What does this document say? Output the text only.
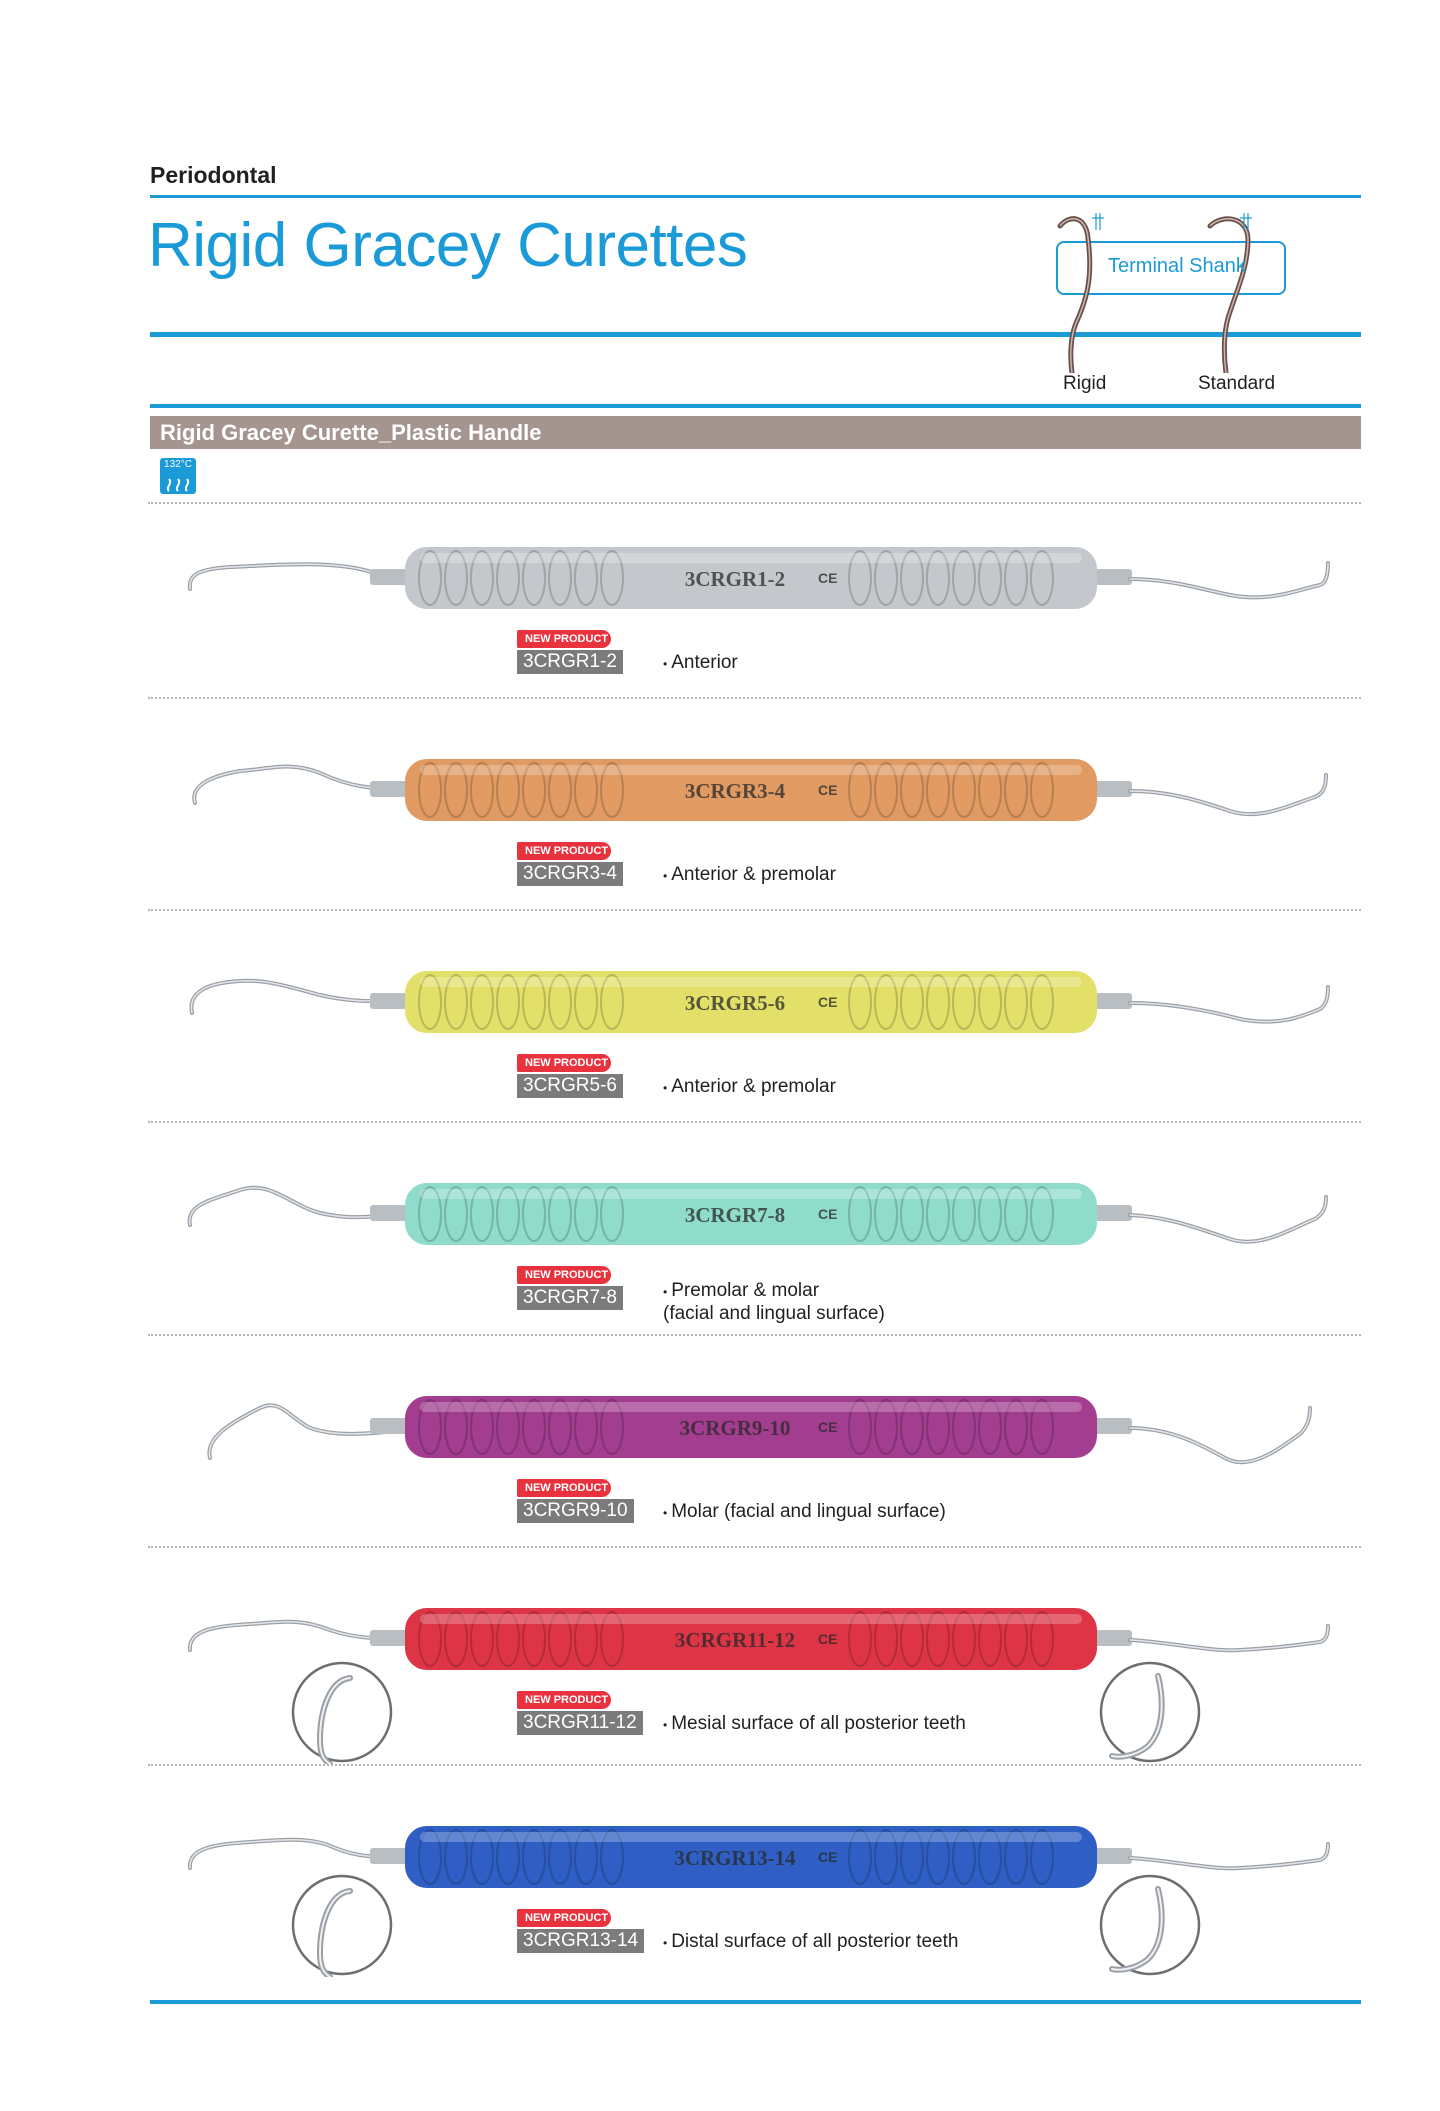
Periodontal
Rigid Gracey Curettes	Terminal Shank
Rigid	Standard
Rigid Gracey Curette_Plastic Handle
132°C
3CRGR1-2 CE
NEW PRODUCT
3CRGR1-2	• Anterior
3CRGR3-4 CE
NEW PRODUCT
3CRGR3-4	• Anterior & premolar
3CRGR5-6 CE
NEW PRODUCT
3CRGR5-6	• Anterior & premolar
3CRGR7-8 CE
NEW PRODUCT
3CRGR7-8	• Premolar & molar
(facial and lingual surface)
3CRGR9-10 CE
NEW PRODUCT
3CRGR9-10	• Molar (facial and lingual surface)
3CRGR11-12 CE
NEW PRODUCT
3CRGR11-12	• Mesial surface of all posterior teeth
3CRGR13-14 CE
NEW PRODUCT
3CRGR13-14	• Distal surface of all posterior teeth
